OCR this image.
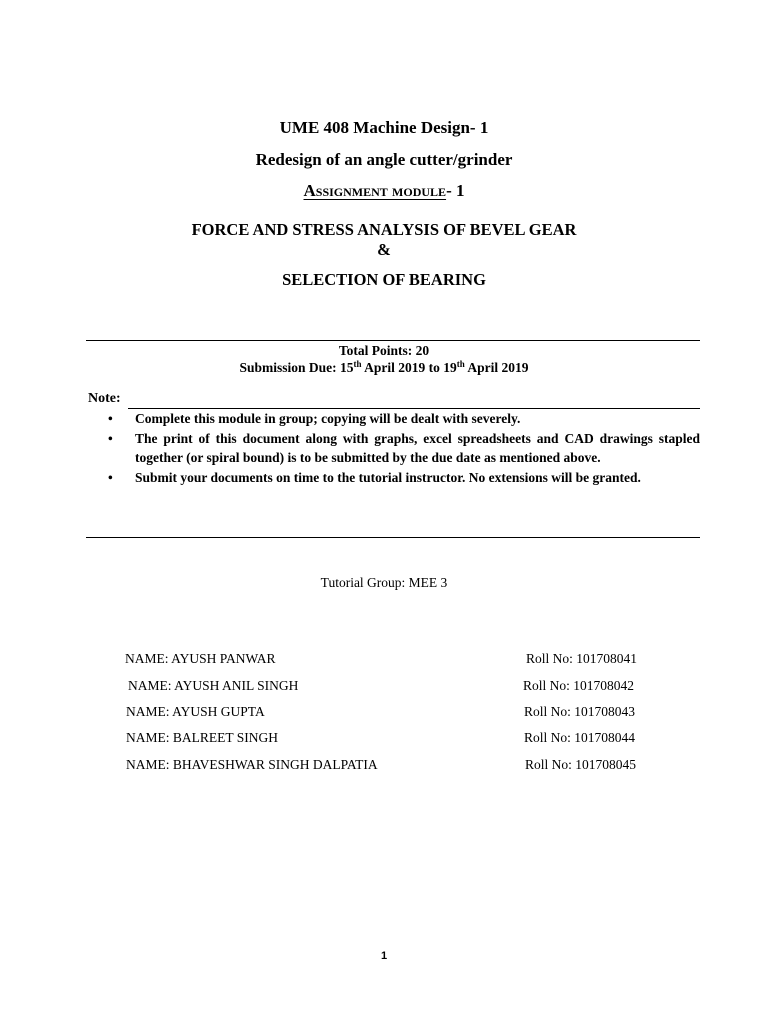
UME 408 Machine Design- 1
Redesign of an angle cutter/grinder
Assignment module- 1
FORCE AND STRESS ANALYSIS OF BEVEL GEAR
&
SELECTION OF BEARING
Total Points: 20
Submission Due: 15th April 2019 to 19th April 2019
Note:
• Complete this module in group; copying will be dealt with severely.
• The print of this document along with graphs, excel spreadsheets and CAD drawings stapled together (or spiral bound) is to be submitted by the due date as mentioned above.
• Submit your documents on time to the tutorial instructor. No extensions will be granted.
Tutorial Group: MEE 3
NAME: AYUSH PANWAR	Roll No: 101708041
NAME: AYUSH ANIL SINGH	Roll No: 101708042
NAME: AYUSH GUPTA	Roll No: 101708043
NAME: BALREET SINGH	Roll No: 101708044
NAME: BHAVESHWAR SINGH DALPATIA	Roll No: 101708045
1
